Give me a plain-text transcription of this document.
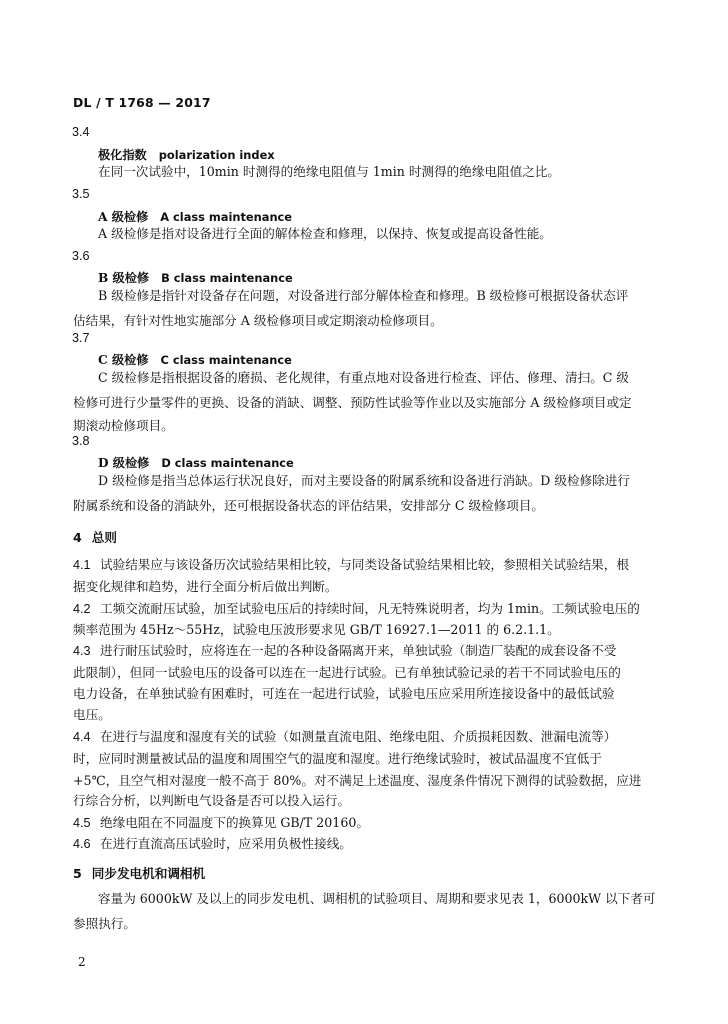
DL / T 1768 — 2017
3.4
极化指数 polarization index
在同一次试验中，10min 时测得的绝缘电阻值与 1min 时测得的绝缘电阻值之比。
3.5
A 级检修 A class maintenance
A 级检修是指对设备进行全面的解体检查和修理，以保持、恢复或提高设备性能。
3.6
B 级检修 B class maintenance
B 级检修是指针对设备存在问题，对设备进行部分解体检查和修理。B 级检修可根据设备状态评
估结果，有针对性地实施部分 A 级检修项目或定期滚动检修项目。
3.7
C 级检修 C class maintenance
C 级检修是指根据设备的磨损、老化规律，有重点地对设备进行检查、评估、修理、清扫。C 级
检修可进行少量零件的更换、设备的消缺、调整、预防性试验等作业以及实施部分 A 级检修项目或定
期滚动检修项目。
3.8
D 级检修 D class maintenance
D 级检修是指当总体运行状况良好，而对主要设备的附属系统和设备进行消缺。D 级检修除进行
附属系统和设备的消缺外，还可根据设备状态的评估结果，安排部分 C 级检修项目。
4 总则
4.1 试验结果应与该设备历次试验结果相比较，与同类设备试验结果相比较，参照相关试验结果，根
据变化规律和趋势，进行全面分析后做出判断。
4.2 工频交流耐压试验，加至试验电压后的持续时间，凡无特殊说明者，均为 1min。工频试验电压的
频率范围为 45Hz～55Hz，试验电压波形要求见 GB/T 16927.1—2011 的 6.2.1.1。
4.3 进行耐压试验时，应将连在一起的各种设备隔离开来，单独试验（制造厂装配的成套设备不受
此限制），但同一试验电压的设备可以连在一起进行试验。已有单独试验记录的若干不同试验电压的
电力设备，在单独试验有困难时，可连在一起进行试验，试验电压应采用所连接设备中的最低试验
电压。
4.4 在进行与温度和湿度有关的试验（如测量直流电阻、绝缘电阻、介质损耗因数、泄漏电流等）
时，应同时测量被试品的温度和周围空气的温度和湿度。进行绝缘试验时，被试品温度不宜低于
+5℃，且空气相对湿度一般不高于 80%。对不满足上述温度、湿度条件情况下测得的试验数据，应进
行综合分析，以判断电气设备是否可以投入运行。
4.5 绝缘电阻在不同温度下的换算见 GB/T 20160。
4.6 在进行直流高压试验时，应采用负极性接线。
5 同步发电机和调相机
容量为 6000kW 及以上的同步发电机、调相机的试验项目、周期和要求见表 1，6000kW 以下者可
参照执行。
2
